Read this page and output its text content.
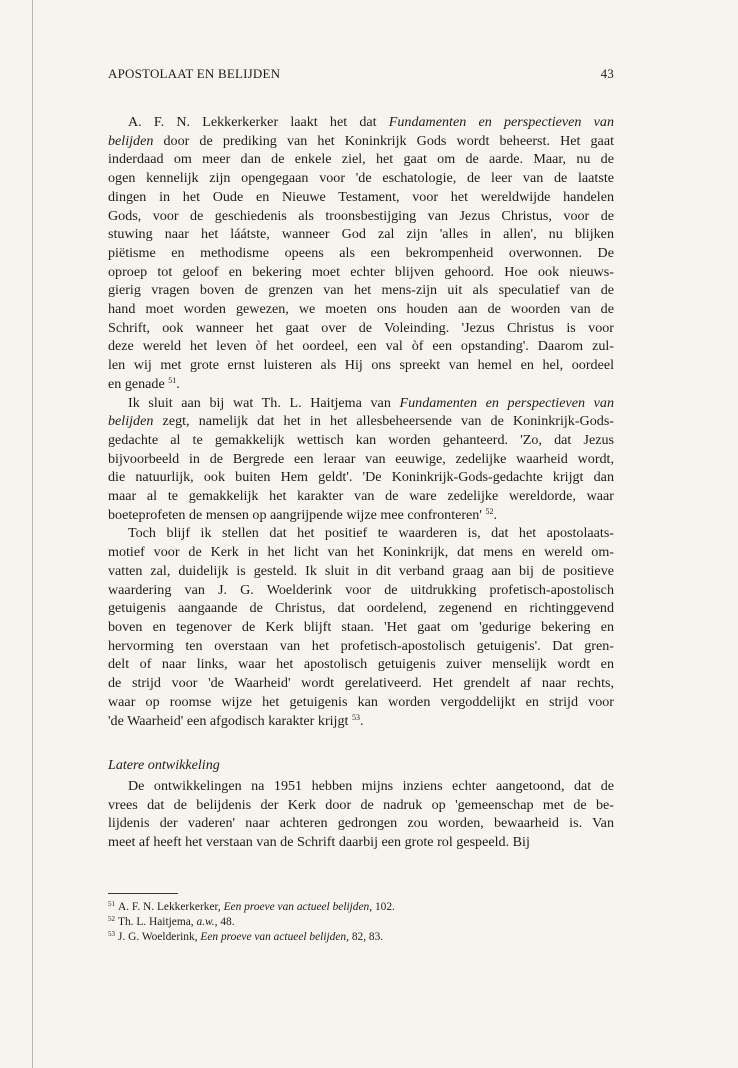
APOSTOLAAT EN BELIJDEN	43
A. F. N. Lekkerkerker laakt het dat Fundamenten en perspectieven van
belijden door de prediking van het Koninkrijk Gods wordt beheerst. Het gaat
inderdaad om meer dan de enkele ziel, het gaat om de aarde. Maar, nu de
ogen kennelijk zijn opengegaan voor 'de eschatologie, de leer van de laatste
dingen in het Oude en Nieuwe Testament, voor het wereldwijde handelen
Gods, voor de geschiedenis als troonsbestijging van Jezus Christus, voor de
stuwing naar het láátste, wanneer God zal zijn 'alles in allen', nu blijken
piëtisme en methodisme opeens als een bekrompenheid overwonnen. De
oproep tot geloof en bekering moet echter blijven gehoord. Hoe ook nieuws-
gierig vragen boven de grenzen van het mens-zijn uit als speculatief van de
hand moet worden gewezen, we moeten ons houden aan de woorden van de
Schrift, ook wanneer het gaat over de Voleinding. 'Jezus Christus is voor
deze wereld het leven òf het oordeel, een val òf een opstanding'. Daarom zul-
len wij met grote ernst luisteren als Hij ons spreekt van hemel en hel, oordeel
en genade $^{51}$.
Ik sluit aan bij wat Th. L. Haitjema van Fundamenten en perspectieven van
belijden zegt, namelijk dat het in het allesbeheersende van de Koninkrijk-Gods-
gedachte al te gemakkelijk wettisch kan worden gehanteerd. 'Zo, dat Jezus
bijvoorbeeld in de Bergrede een leraar van eeuwige, zedelijke waarheid wordt,
die natuurlijk, ook buiten Hem geldt'. 'De Koninkrijk-Gods-gedachte krijgt dan
maar al te gemakkelijk het karakter van de ware zedelijke wereldorde, waar
boeteprofeten de mensen op aangrijpende wijze mee confronteren' $^{52}$.
Toch blijf ik stellen dat het positief te waarderen is, dat het apostolaats-
motief voor de Kerk in het licht van het Koninkrijk, dat mens en wereld om-
vatten zal, duidelijk is gesteld. Ik sluit in dit verband graag aan bij de positieve
waardering van J. G. Woelderink voor de uitdrukking profetisch-apostolisch
getuigenis aangaande de Christus, dat oordelend, zegenend en richtinggevend
boven en tegenover de Kerk blijft staan. 'Het gaat om 'gedurige bekering en
hervorming ten overstaan van het profetisch-apostolisch getuigenis'. Dat gren-
delt of naar links, waar het apostolisch getuigenis zuiver menselijk wordt en
de strijd voor 'de Waarheid' wordt gerelativeerd. Het grendelt af naar rechts,
waar op roomse wijze het getuigenis kan worden vergoddelijkt en strijd voor
'de Waarheid' een afgodisch karakter krijgt $^{53}$.
Latere ontwikkeling
De ontwikkelingen na 1951 hebben mijns inziens echter aangetoond, dat de
vrees dat de belijdenis der Kerk door de nadruk op 'gemeenschap met de be-
lijdenis der vaderen' naar achteren gedrongen zou worden, bewaarheid is. Van
meet af heeft het verstaan van de Schrift daarbij een grote rol gespeeld. Bij
$^{51}$ A. F. N. Lekkerkerker, Een proeve van actueel belijden, 102.
$^{52}$ Th. L. Haitjema, a.w., 48.
$^{53}$ J. G. Woelderink, Een proeve van actueel belijden, 82, 83.
